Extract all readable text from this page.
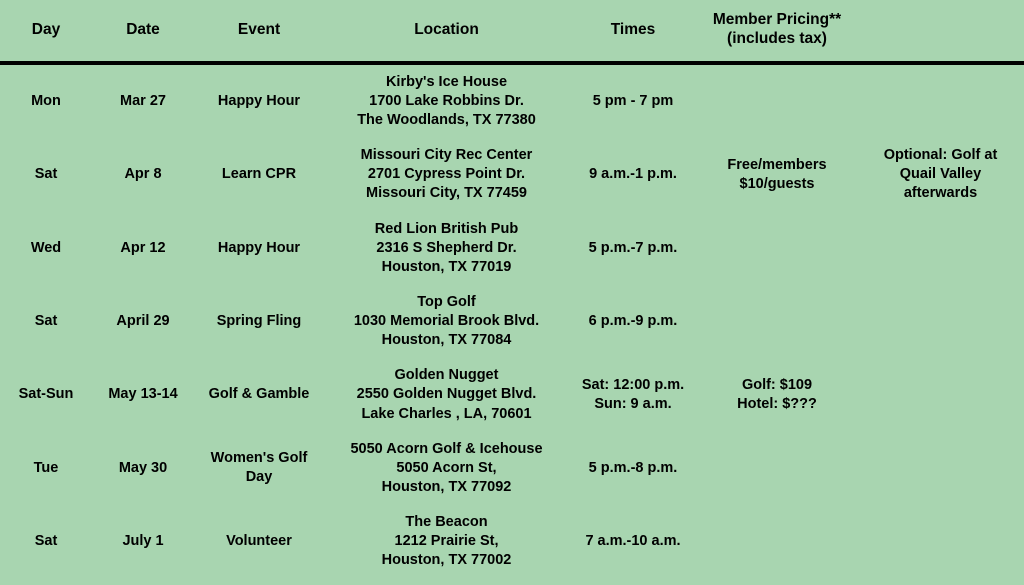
Day	Date	Event	Location	Times	Member Pricing**
(includes tax)	

Mon	Mar 27	Happy Hour	Kirby's Ice House
1700 Lake Robbins Dr.
The Woodlands, TX 77380	5 pm - 7 pm		

Sat	Apr 8	Learn CPR	Missouri City Rec Center
2701 Cypress Point Dr.
Missouri City, TX 77459	9 a.m.-1 p.m.	Free/members
$10/guests	Optional: Golf at
Quail Valley
afterwards

Wed	Apr 12	Happy Hour	Red Lion British Pub
2316 S Shepherd Dr.
Houston, TX 77019	5 p.m.-7 p.m.		

Sat	April 29	Spring Fling	Top Golf
1030 Memorial Brook Blvd.
Houston, TX 77084	6 p.m.-9 p.m.		

Sat-Sun	May 13-14	Golf & Gamble	Golden Nugget
2550 Golden Nugget Blvd.
Lake Charles , LA, 70601	Sat: 12:00 p.m.
Sun: 9 a.m.	Golf: $109
Hotel: $???	

Tue	May 30	Women's Golf Day	5050 Acorn Golf & Icehouse
5050 Acorn St,
Houston, TX 77092	5 p.m.-8 p.m.		

Sat	July 1	Volunteer	The Beacon
1212 Prairie St,
Houston, TX 77002	7 a.m.-10 a.m.		
